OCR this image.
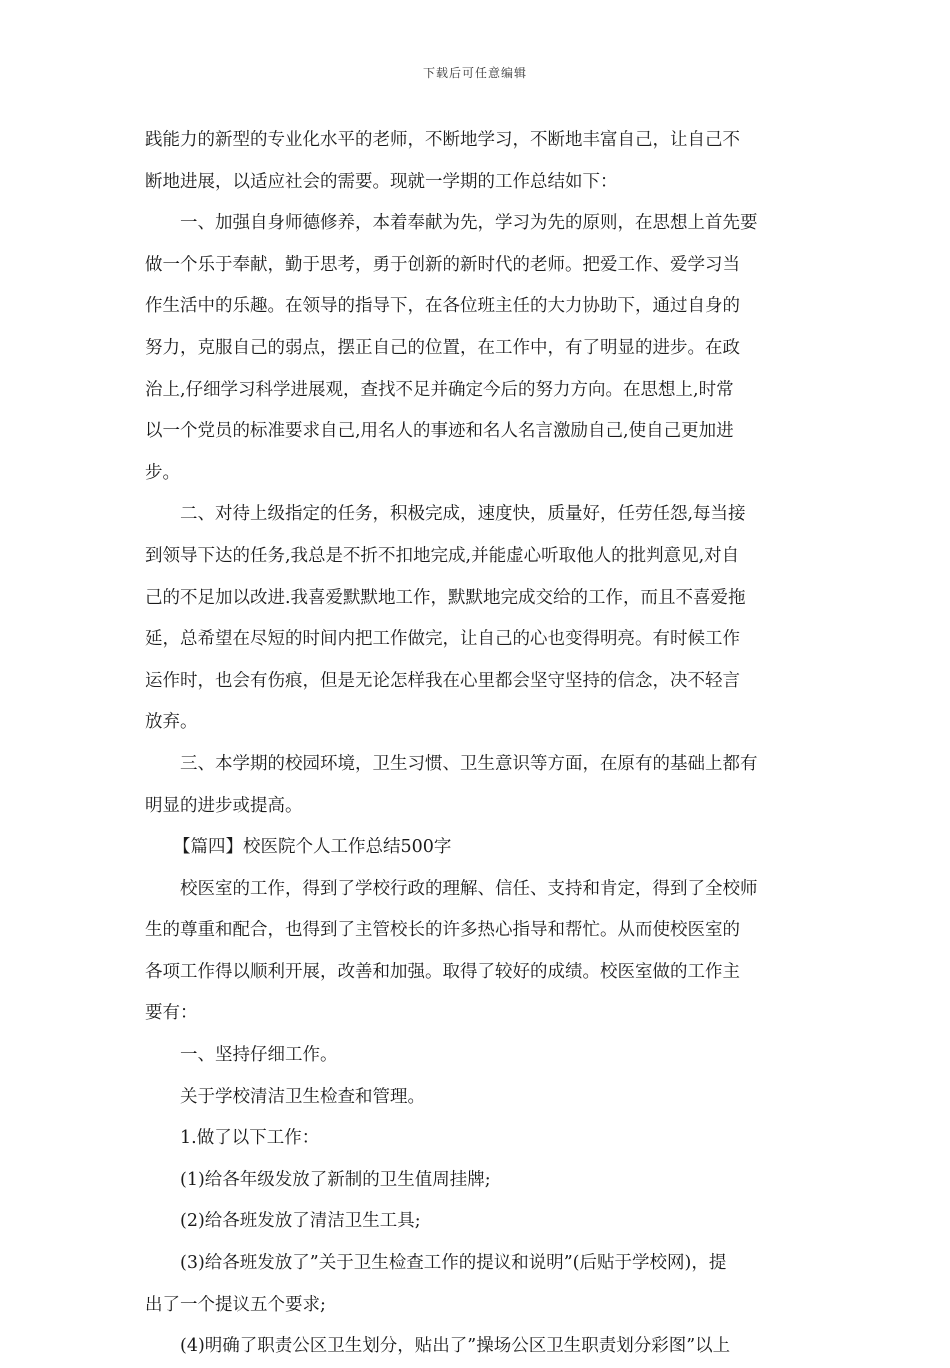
下载后可任意编辑
践能力的新型的专业化水平的老师，不断地学习，不断地丰富自己，让自己不
断地进展，以适应社会的需要。现就一学期的工作总结如下：
一、加强自身师德修养，本着奉献为先，学习为先的原则，在思想上首先要
做一个乐于奉献，勤于思考，勇于创新的新时代的老师。把爱工作、爱学习当
作生活中的乐趣。在领导的指导下，在各位班主任的大力协助下，通过自身的
努力，克服自己的弱点，摆正自己的位置，在工作中，有了明显的进步。在政
治上,仔细学习科学进展观，查找不足并确定今后的努力方向。在思想上,时常
以一个党员的标准要求自己,用名人的事迹和名人名言激励自己,使自己更加进
步。
二、对待上级指定的任务，积极完成，速度快，质量好，任劳任怨,每当接
到领导下达的任务,我总是不折不扣地完成,并能虚心听取他人的批判意见,对自
己的不足加以改进.我喜爱默默地工作，默默地完成交给的工作，而且不喜爱拖
延，总希望在尽短的时间内把工作做完，让自己的心也变得明亮。有时候工作
运作时，也会有伤痕，但是无论怎样我在心里都会坚守坚持的信念，决不轻言
放弃。
三、本学期的校园环境，卫生习惯、卫生意识等方面，在原有的基础上都有
明显的进步或提高。
【篇四】校医院个人工作总结500字
校医室的工作，得到了学校行政的理解、信任、支持和肯定，得到了全校师
生的尊重和配合，也得到了主管校长的许多热心指导和帮忙。从而使校医室的
各项工作得以顺利开展，改善和加强。取得了较好的成绩。校医室做的工作主
要有：
一、坚持仔细工作。
关于学校清洁卫生检查和管理。
1.做了以下工作：
(1)给各年级发放了新制的卫生值周挂牌;
(2)给各班发放了清洁卫生工具;
(3)给各班发放了”关于卫生检查工作的提议和说明”(后贴于学校网)，提
出了一个提议五个要求;
(4)明确了职责公区卫生划分，贴出了”操场公区卫生职责划分彩图”以上
